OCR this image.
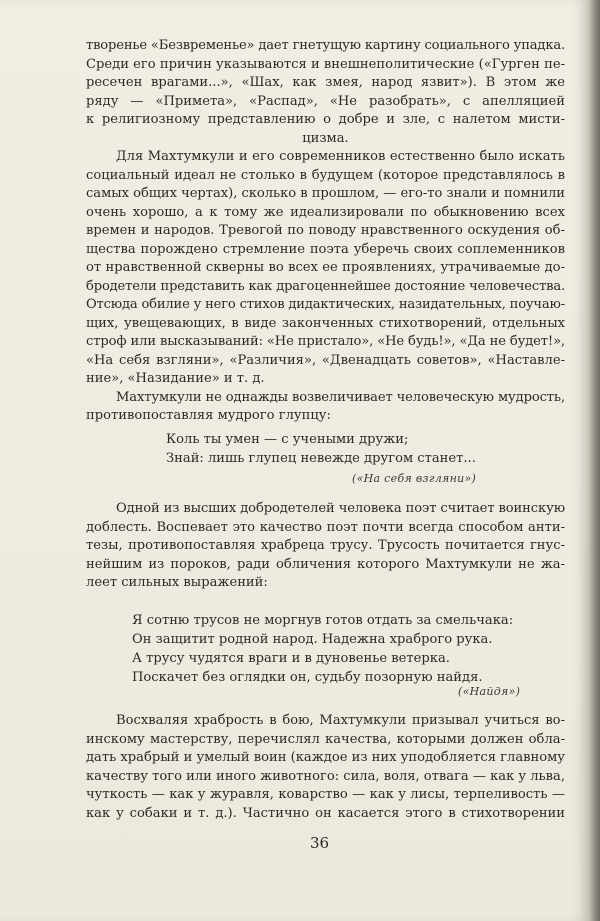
творенье «Безвременье» дает гнетущую картину социального упадка.
Среди его причин указываются и внешнеполитические («Гурген пе-
ресечен врагами...», «Шах, как змея, народ язвит»). В этом же
ряду — «Примета», «Распад», «Не разобрать», с апелляцией
к религиозному представлению о добре и зле, с налетом мисти-
цизма.
Для Махтумкули и его современников естественно было искать
социальный идеал не столько в будущем (которое представлялось в
самых общих чертах), сколько в прошлом, — его-то знали и помнили
очень хорошо, а к тому же идеализировали по обыкновению всех
времен и народов. Тревогой по поводу нравственного оскудения об-
щества порождено стремление поэта уберечь своих соплеменников
от нравственной скверны во всех ее проявлениях, утрачиваемые до-
бродетели представить как драгоценнейшее достояние человечества.
Отсюда обилие у него стихов дидактических, назидательных, поучаю-
щих, увещевающих, в виде законченных стихотворений, отдельных
строф или высказываний: «Не пристало», «Не будь!», «Да не будет!»,
«На себя взгляни», «Различия», «Двенадцать советов», «Наставле-
ние», «Назидание» и т. д.
Махтумкули не однажды возвеличивает человеческую мудрость,
противопоставляя мудрого глупцу:
Коль ты умен — с учеными дружи;
Знай: лишь глупец невежде другом станет...
(«На себя взгляни»)
Одной из высших добродетелей человека поэт считает воинскую
доблесть. Воспевает это качество поэт почти всегда способом анти-
тезы, противопоставляя храбреца трусу. Трусость почитается гнус-
нейшим из пороков, ради обличения которого Махтумкули не жа-
леет сильных выражений:
Я сотню трусов не моргнув готов отдать за смельчака:
Он защитит родной народ. Надежна храброго рука.
А трусу чудятся враги и в дуновенье ветерка.
Поскачет без оглядки он, судьбу позорную найдя.
(«Найдя»)
Восхваляя храбрость в бою, Махтумкули призывал учиться во-
инскому мастерству, перечислял качества, которыми должен обла-
дать храбрый и умелый воин (каждое из них уподобляется главному
качеству того или иного животного: сила, воля, отвага — как у льва,
чуткость — как у журавля, коварство — как у лисы, терпеливость —
как у собаки и т. д.). Частично он касается этого в стихотворении
36
